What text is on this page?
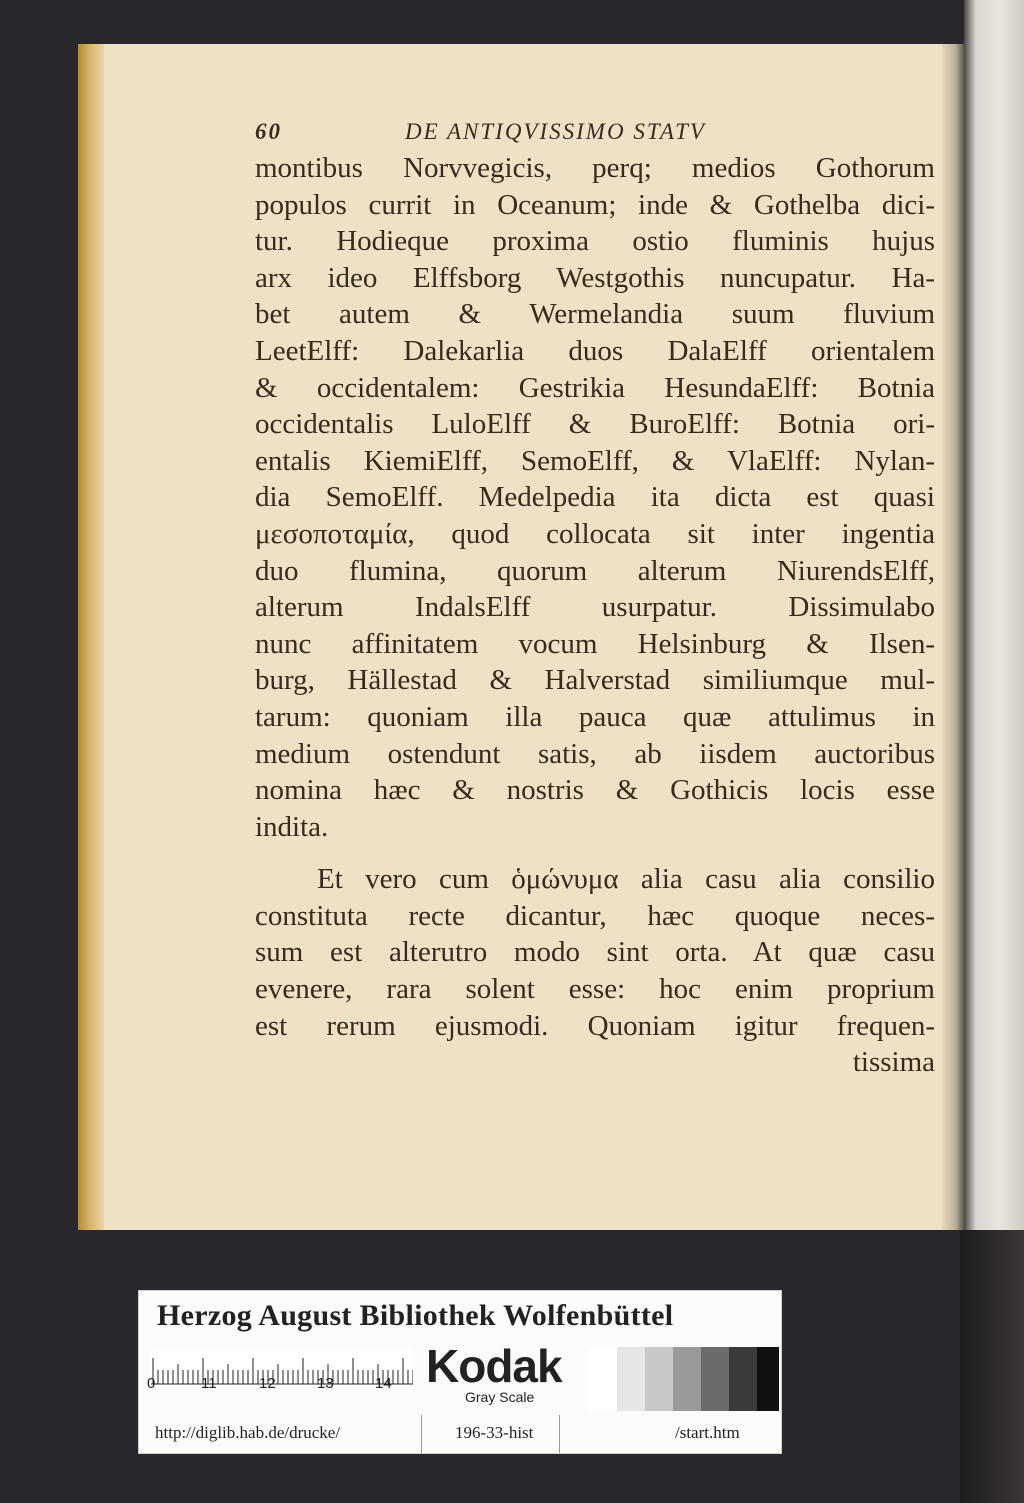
60	DE ANTIQVISSIMO STATV
montibus Norvvegicis, perq; medios Gothorum
populos currit in Oceanum; inde & Gothelba dici-
tur. Hodieque proxima ostio fluminis hujus
arx ideo Elffsborg Westgothis nuncupatur. Ha-
bet autem & Wermelandia suum fluvium
LeetElff: Dalekarlia duos DalaElff orientalem
& occidentalem: Gestrikia HesundaElff: Botnia
occidentalis LuloElff & BuroElff: Botnia ori-
entalis KiemiElff, SemoElff, & VlaElff: Nylan-
dia SemoElff. Medelpedia ita dicta est quasi
μεσοποταμία, quod collocata sit inter ingentia
duo flumina, quorum alterum NiurendsElff,
alterum IndalsElff usurpatur. Dissimulabo
nunc affinitatem vocum Helsinburg & Ilsen-
burg, Hällestad & Halverstad similiumque mul-
tarum: quoniam illa pauca quæ attulimus in
medium ostendunt satis, ab iisdem auctoribus
nomina hæc & nostris & Gothicis locis esse
indita.
Et vero cum ὁμώνυμα alia casu alia consilio
constituta recte dicantur, hæc quoque neces-
sum est alterutro modo sint orta. At quæ casu
evenere, rara solent esse: hoc enim proprium
est rerum ejusmodi. Quoniam igitur frequen-
tissima
Herzog August Bibliothek Wolfenbüttel
0	11	12	13	14 Kodak
Gray Scale
http://diglib.hab.de/drucke/	196-33-hist	/start.htm
